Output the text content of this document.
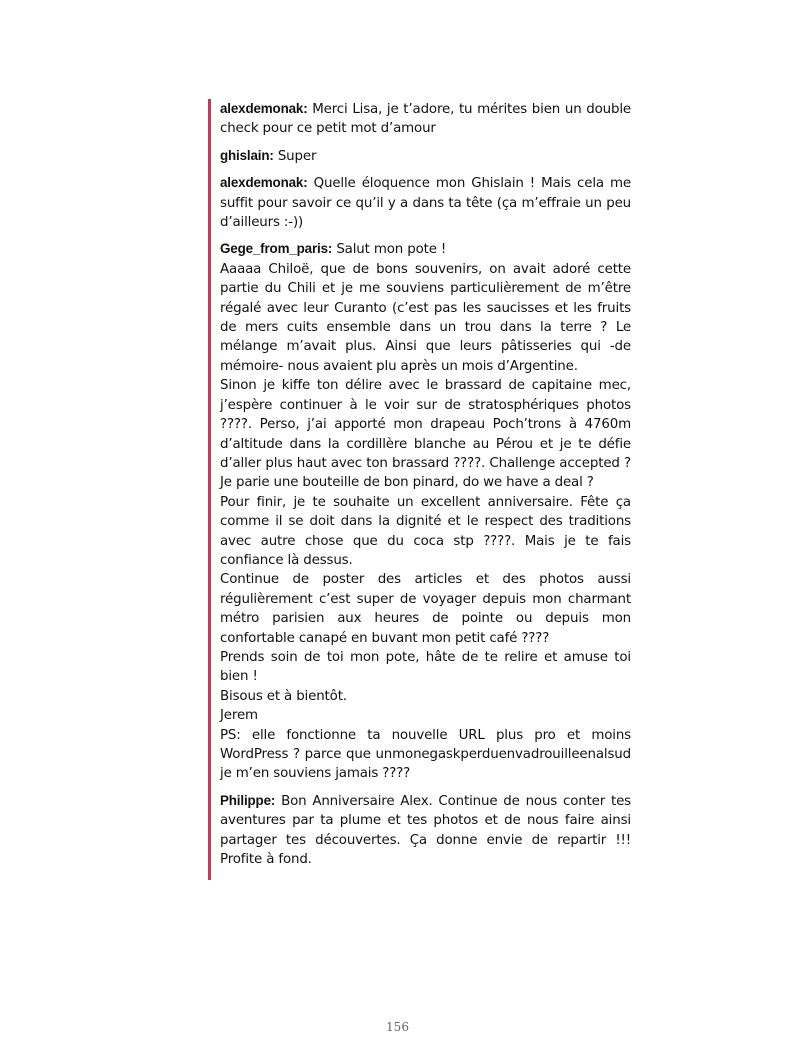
alexdemonak: Merci Lisa, je t’adore, tu mérites bien un double check pour ce petit mot d’amour

ghislain: Super

alexdemonak: Quelle éloquence mon Ghislain ! Mais cela me suffit pour savoir ce qu’il y a dans ta tête (ça m’effraie un peu d’ailleurs :-))

Gege_from_paris: Salut mon pote !

Aaaaa Chiloë, que de bons souvenirs, on avait adoré cette partie du Chili et je me souviens particulièrement de m’être régalé avec leur Curanto (c’est pas les saucisses et les fruits de mers cuits ensemble dans un trou dans la terre ? Le mélange m’avait plus. Ainsi que leurs pâtisseries qui -de mémoire- nous avaient plu après un mois d’Argentine.

Sinon je kiffe ton délire avec le brassard de capitaine mec, j’espère continuer à le voir sur de stratosphériques photos ????. Perso, j’ai apporté mon drapeau Poch’trons à 4760m d’altitude dans la cordillère blanche au Pérou et je te défie d’aller plus haut avec ton brassard ????. Challenge accepted ? Je parie une bouteille de bon pinard, do we have a deal ?

Pour finir, je te souhaite un excellent anniversaire. Fête ça comme il se doit dans la dignité et le respect des traditions avec autre chose que du coca stp ????. Mais je te fais confiance là dessus.

Continue de poster des articles et des photos aussi régulièrement c’est super de voyager depuis mon charmant métro parisien aux heures de pointe ou depuis mon confortable canapé en buvant mon petit café ????

Prends soin de toi mon pote, hâte de te relire et amuse toi bien !

Bisous et à bientôt.

Jerem

PS: elle fonctionne ta nouvelle URL plus pro et moins WordPress ? parce que unmonegaskperduenvadrouilleenalsud je m’en souviens jamais ????

Philippe: Bon Anniversaire Alex. Continue de nous conter tes aventures par ta plume et tes photos et de nous faire ainsi partager tes découvertes. Ça donne envie de repartir !!! Profite à fond.

156
